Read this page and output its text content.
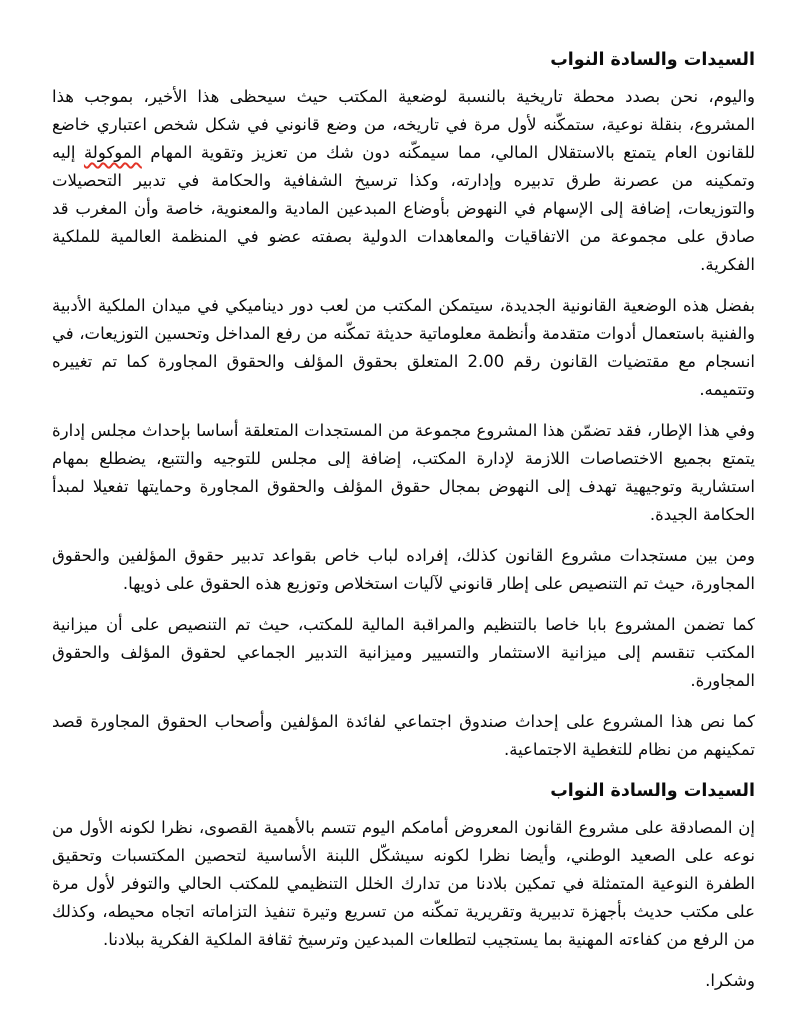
السيدات والسادة النواب

واليوم، نحن بصدد محطة تاريخية بالنسبة لوضعية المكتب حيث سيحظى هذا الأخير، بموجب هذا المشروع، بنقلة نوعية، ستمكّنه لأول مرة في تاريخه، من وضع قانوني في شكل شخص اعتباري خاضع للقانون العام يتمتع بالاستقلال المالي، مما سيمكّنه دون شك من تعزيز وتقوية المهام الموكولة إليه وتمكينه من عصرنة طرق تدبيره وإدارته، وكذا ترسيخ الشفافية والحكامة في تدبير التحصيلات والتوزيعات، إضافة إلى الإسهام في النهوض بأوضاع المبدعين المادية والمعنوية، خاصة وأن المغرب قد صادق على مجموعة من الاتفاقيات والمعاهدات الدولية بصفته عضو في المنظمة العالمية للملكية الفكرية.

بفضل هذه الوضعية القانونية الجديدة، سيتمكن المكتب من لعب دور ديناميكي في ميدان الملكية الأدبية والفنية باستعمال أدوات متقدمة وأنظمة معلوماتية حديثة تمكّنه من رفع المداخل وتحسين التوزيعات، في انسجام مع مقتضيات القانون رقم 2.00 المتعلق بحقوق المؤلف والحقوق المجاورة كما تم تغييره وتتميمه.

وفي هذا الإطار، فقد تضمّن هذا المشروع مجموعة من المستجدات المتعلقة أساسا بإحداث مجلس إدارة يتمتع بجميع الاختصاصات اللازمة لإدارة المكتب، إضافة إلى مجلس للتوجيه والتتبع، يضطلع بمهام استشارية وتوجيهية تهدف إلى النهوض بمجال حقوق المؤلف والحقوق المجاورة وحمايتها تفعيلا لمبدأ الحكامة الجيدة.

ومن بين مستجدات مشروع القانون كذلك، إفراده لباب خاص بقواعد تدبير حقوق المؤلفين والحقوق المجاورة، حيث تم التنصيص على إطار قانوني لآليات استخلاص وتوزيع هذه الحقوق على ذويها.

كما تضمن المشروع بابا خاصا بالتنظيم والمراقبة المالية للمكتب، حيث تم التنصيص على أن ميزانية المكتب تنقسم إلى ميزانية الاستثمار والتسيير وميزانية التدبير الجماعي لحقوق المؤلف والحقوق المجاورة.

كما نص هذا المشروع على إحداث صندوق اجتماعي لفائدة المؤلفين وأصحاب الحقوق المجاورة قصد تمكينهم من نظام للتغطية الاجتماعية.

السيدات والسادة النواب

إن المصادقة على مشروع القانون المعروض أمامكم اليوم تتسم بالأهمية القصوى، نظرا لكونه الأول من نوعه على الصعيد الوطني، وأيضا نظرا لكونه سيشكّل اللبنة الأساسية لتحصين المكتسبات وتحقيق الطفرة النوعية المتمثلة في تمكين بلادنا من تدارك الخلل التنظيمي للمكتب الحالي والتوفر لأول مرة على مكتب حديث بأجهزة تدبيرية وتقريرية تمكّنه من تسريع وتيرة تنفيذ التزاماته اتجاه محيطه، وكذلك من الرفع من كفاءته المهنية بما يستجيب لتطلعات المبدعين وترسيخ ثقافة الملكية الفكرية ببلادنا.

وشكرا.
